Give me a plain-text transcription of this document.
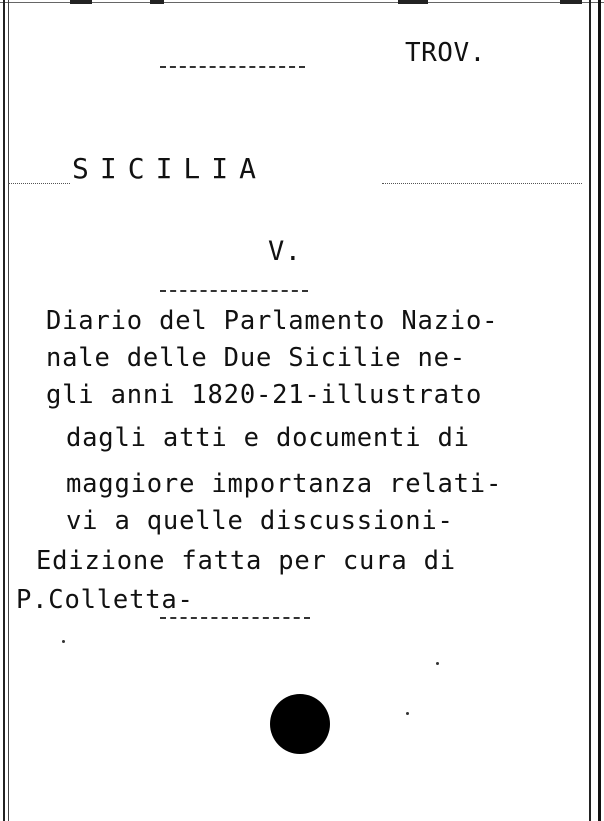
TROV.
SICILIA
V.
Diario del Parlamento Nazio-
nale delle Due Sicilie ne-
gli anni 1820-21-illustrato
dagli atti e documenti di
maggiore importanza relati-
vi a quelle discussioni-
Edizione fatta per cura di
P.Colletta-
